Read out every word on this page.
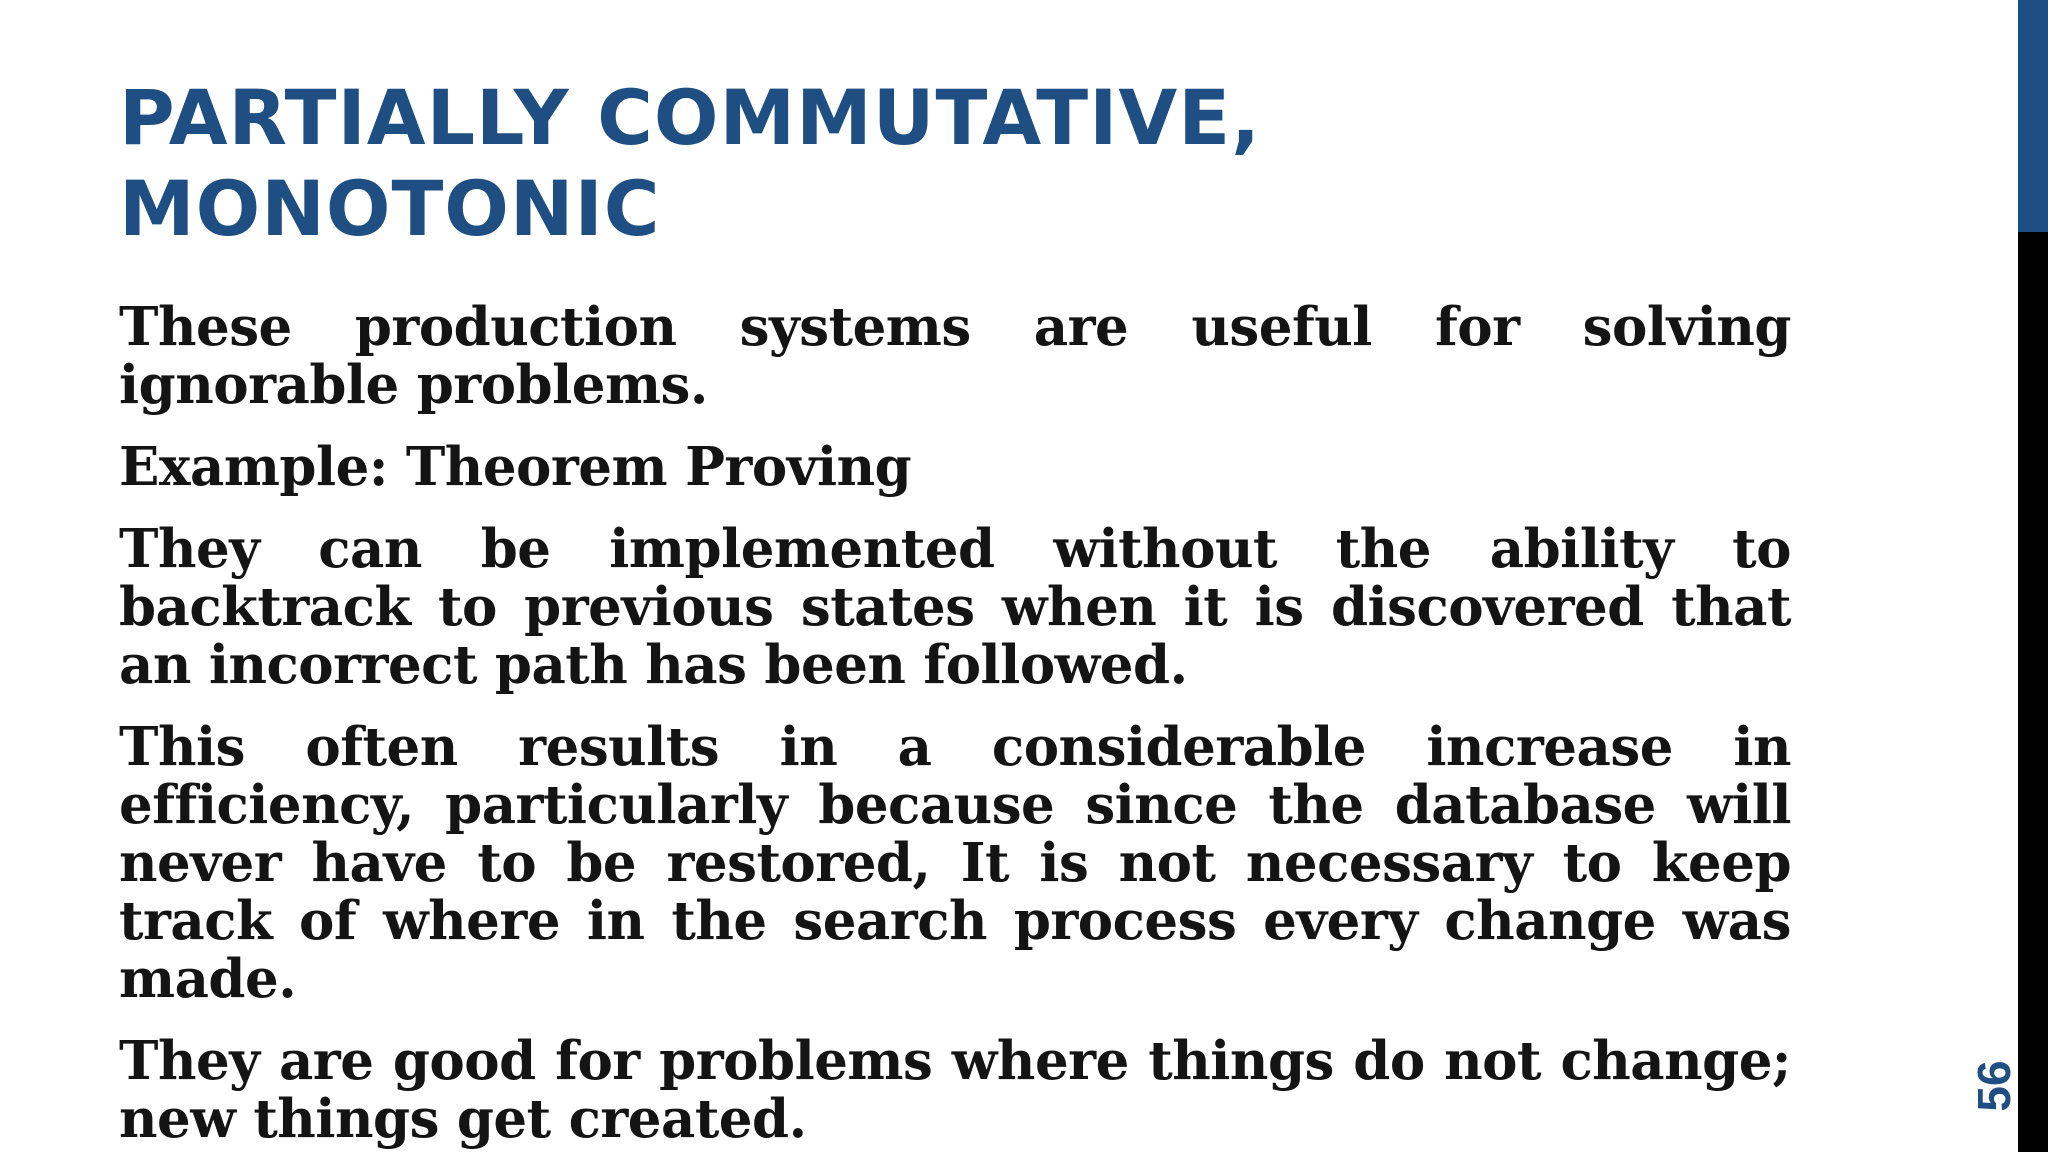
PARTIALLY COMMUTATIVE,
MONOTONIC

These production systems are useful for solving ignorable problems.

Example: Theorem Proving

They can be implemented without the ability to backtrack to previous states when it is discovered that an incorrect path has been followed.

This often results in a considerable increase in efficiency, particularly because since the database will never have to be restored, It is not necessary to keep track of where in the search process every change was made.

They are good for problems where things do not change; new things get created.

56
